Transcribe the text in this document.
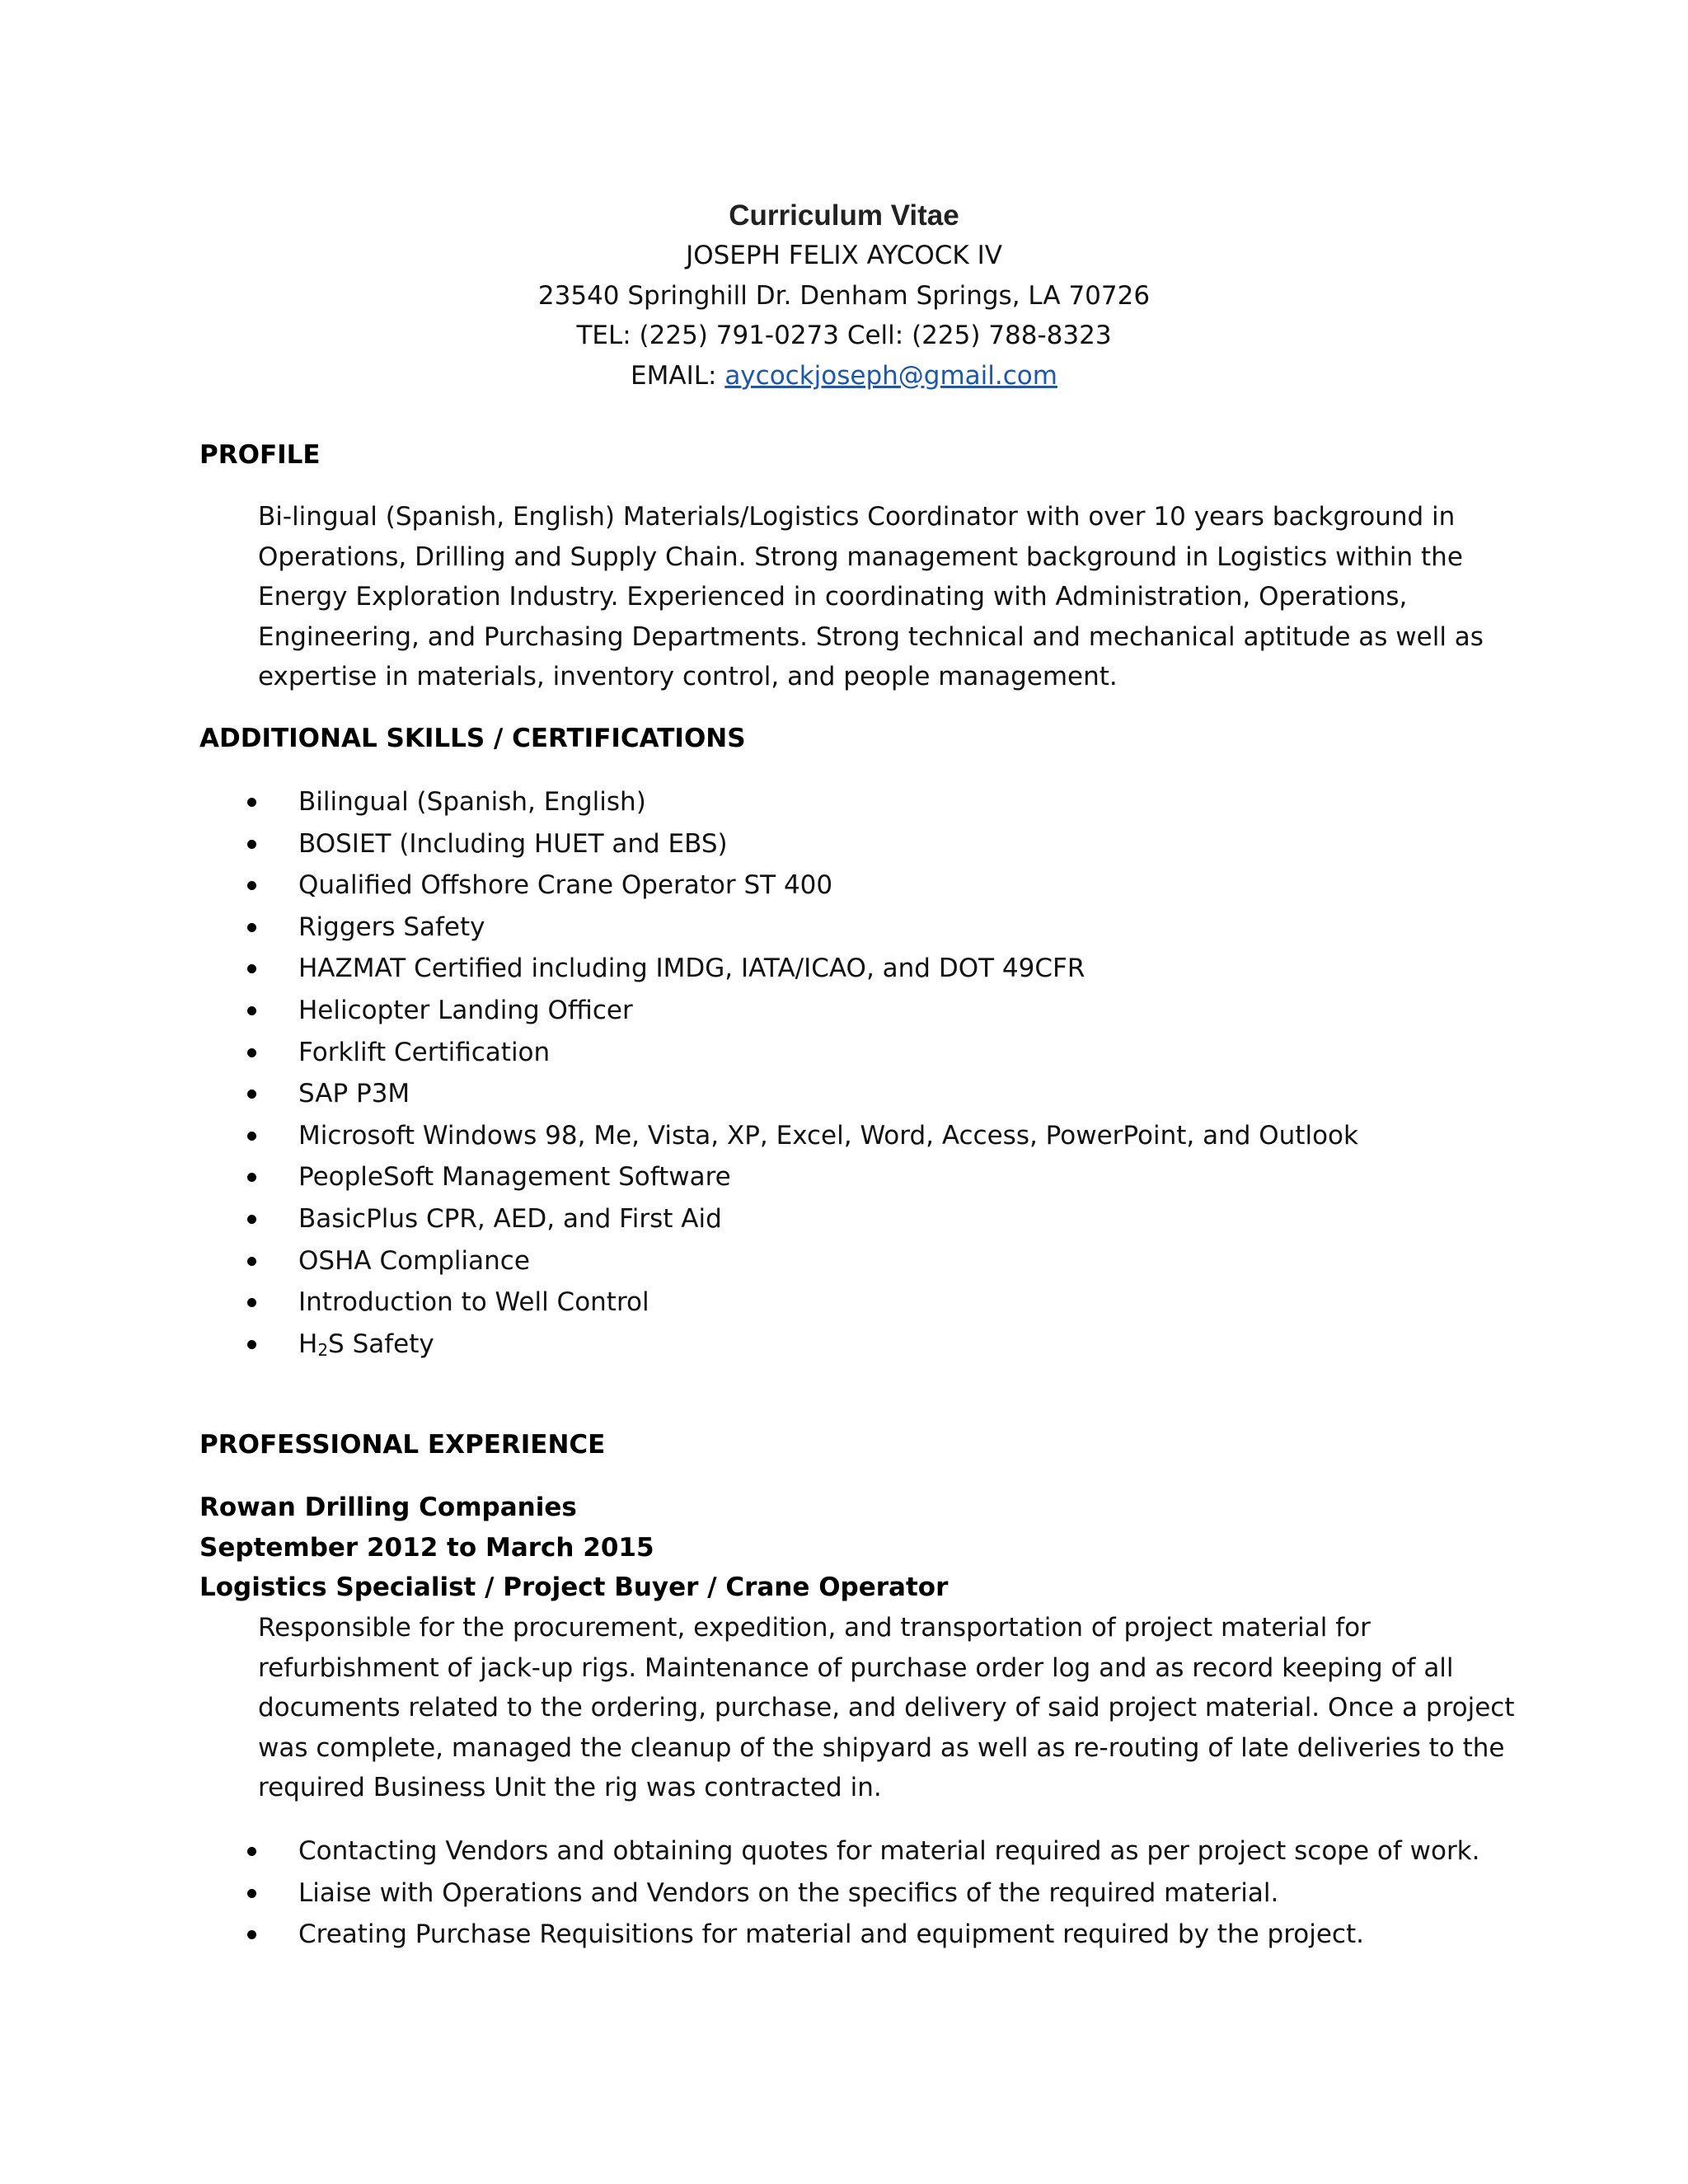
Curriculum Vitae

JOSEPH FELIX AYCOCK IV

23540 Springhill Dr. Denham Springs, LA 70726

TEL: (225) 791-0273 Cell: (225) 788-8323

EMAIL: aycockjoseph@gmail.com

PROFILE
Bi-lingual (Spanish, English) Materials/Logistics Coordinator with over 10 years background in
Operations, Drilling and Supply Chain. Strong management background in Logistics within the
Energy Exploration Industry. Experienced in coordinating with Administration, Operations,
Engineering, and Purchasing Departments. Strong technical and mechanical aptitude as well as
expertise in materials, inventory control, and people management.
ADDITIONAL SKILLS / CERTIFICATIONS
Bilingual (Spanish, English)
BOSIET (Including HUET and EBS)
Qualified Offshore Crane Operator ST 400
Riggers Safety
HAZMAT Certified including IMDG, IATA/ICAO, and DOT 49CFR
Helicopter Landing Officer
Forklift Certification
SAP P3M
Microsoft Windows 98, Me, Vista, XP, Excel, Word, Access, PowerPoint, and Outlook
PeopleSoft Management Software
BasicPlus CPR, AED, and First Aid
OSHA Compliance
Introduction to Well Control
$H_2S$ Safety
PROFESSIONAL EXPERIENCE
Rowan Drilling Companies
September 2012 to March 2015
Logistics Specialist / Project Buyer / Crane Operator
Responsible for the procurement, expedition, and transportation of project material for
refurbishment of jack-up rigs. Maintenance of purchase order log and as record keeping of all
documents related to the ordering, purchase, and delivery of said project material. Once a project
was complete, managed the cleanup of the shipyard as well as re-routing of late deliveries to the
required Business Unit the rig was contracted in.
Contacting Vendors and obtaining quotes for material required as per project scope of work.
Liaise with Operations and Vendors on the specifics of the required material.
Creating Purchase Requisitions for material and equipment required by the project.
